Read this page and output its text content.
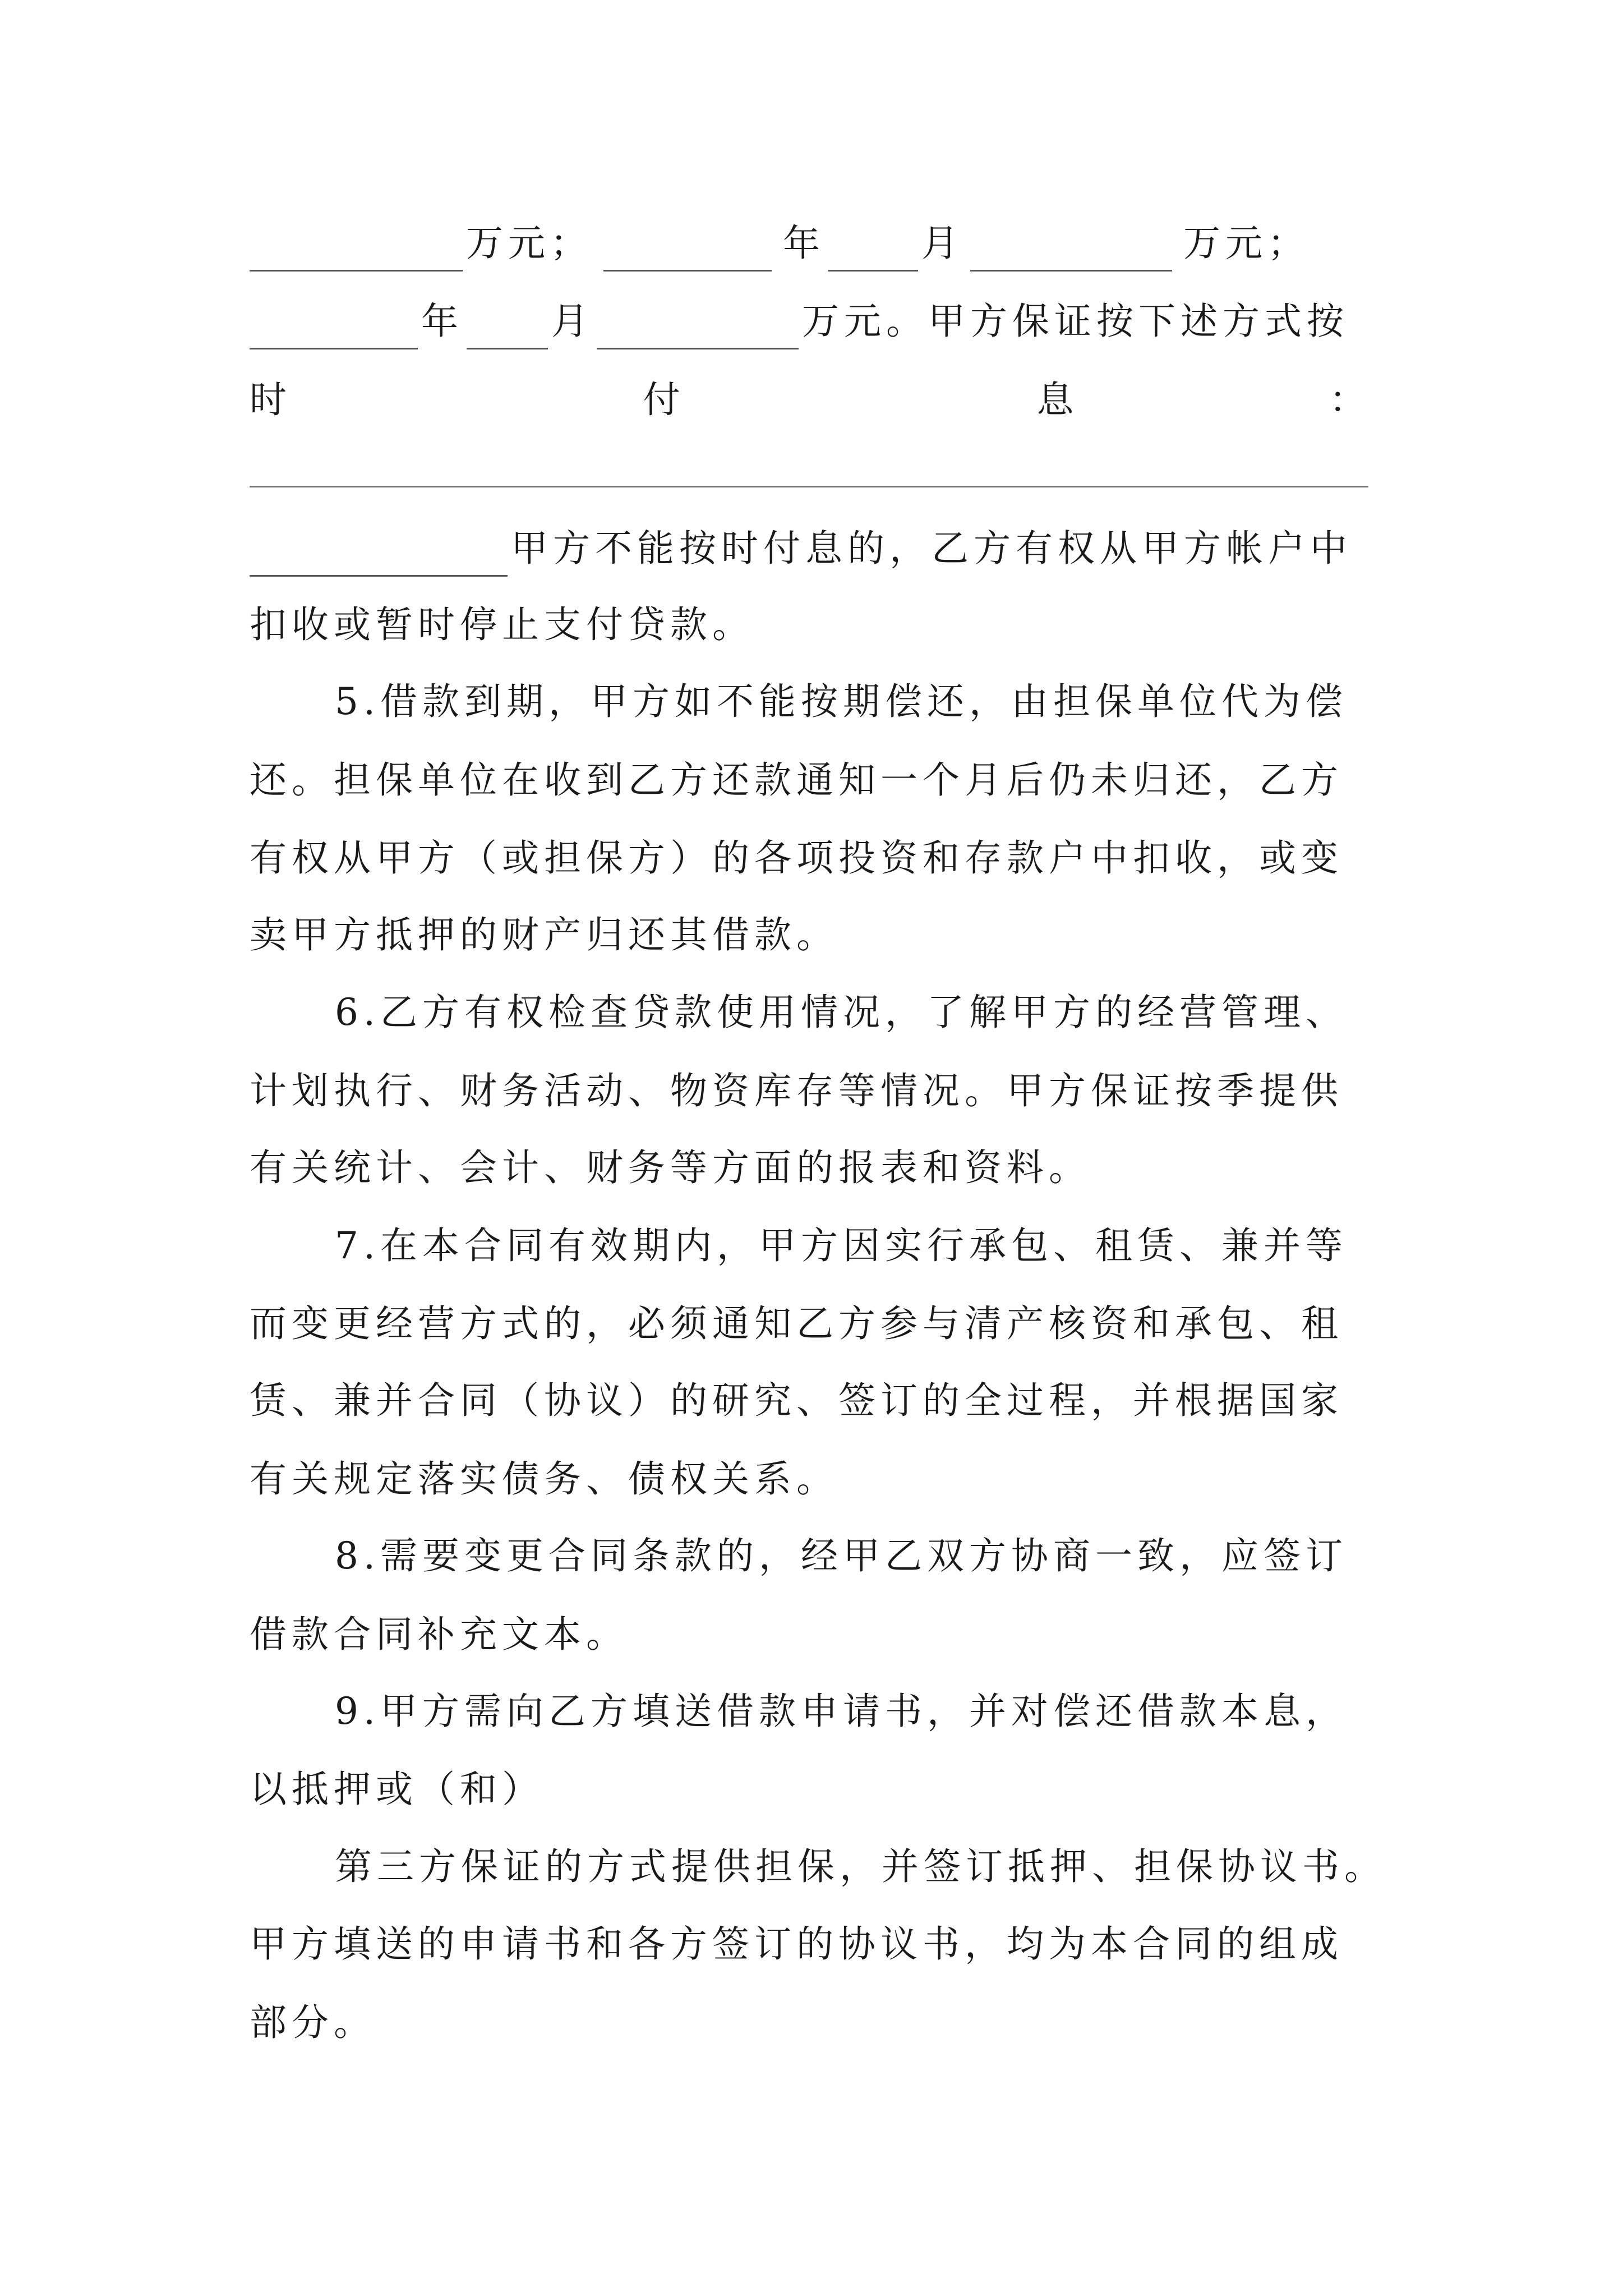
万元；	年	月	万元；
年 月	万元。甲方保证按下述方式按
时	付	息	：
甲方不能按时付息的，乙方有权从甲方帐户中
扣收或暂时停止支付贷款。
5.借款到期，甲方如不能按期偿还，由担保单位代为偿
还。担保单位在收到乙方还款通知一个月后仍未归还，乙方
有权从甲方（或担保方）的各项投资和存款户中扣收，或变
卖甲方抵押的财产归还其借款。
6.乙方有权检查贷款使用情况，了解甲方的经营管理、
计划执行、财务活动、物资库存等情况。甲方保证按季提供
有关统计、会计、财务等方面的报表和资料。
7.在本合同有效期内，甲方因实行承包、租赁、兼并等
而变更经营方式的，必须通知乙方参与清产核资和承包、租
赁、兼并合同（协议）的研究、签订的全过程，并根据国家
有关规定落实债务、债权关系。
8.需要变更合同条款的，经甲乙双方协商一致，应签订
借款合同补充文本。
9.甲方需向乙方填送借款申请书，并对偿还借款本息，
以抵押或（和）
第三方保证的方式提供担保，并签订抵押、担保协议书。
甲方填送的申请书和各方签订的协议书，均为本合同的组成
部分。
